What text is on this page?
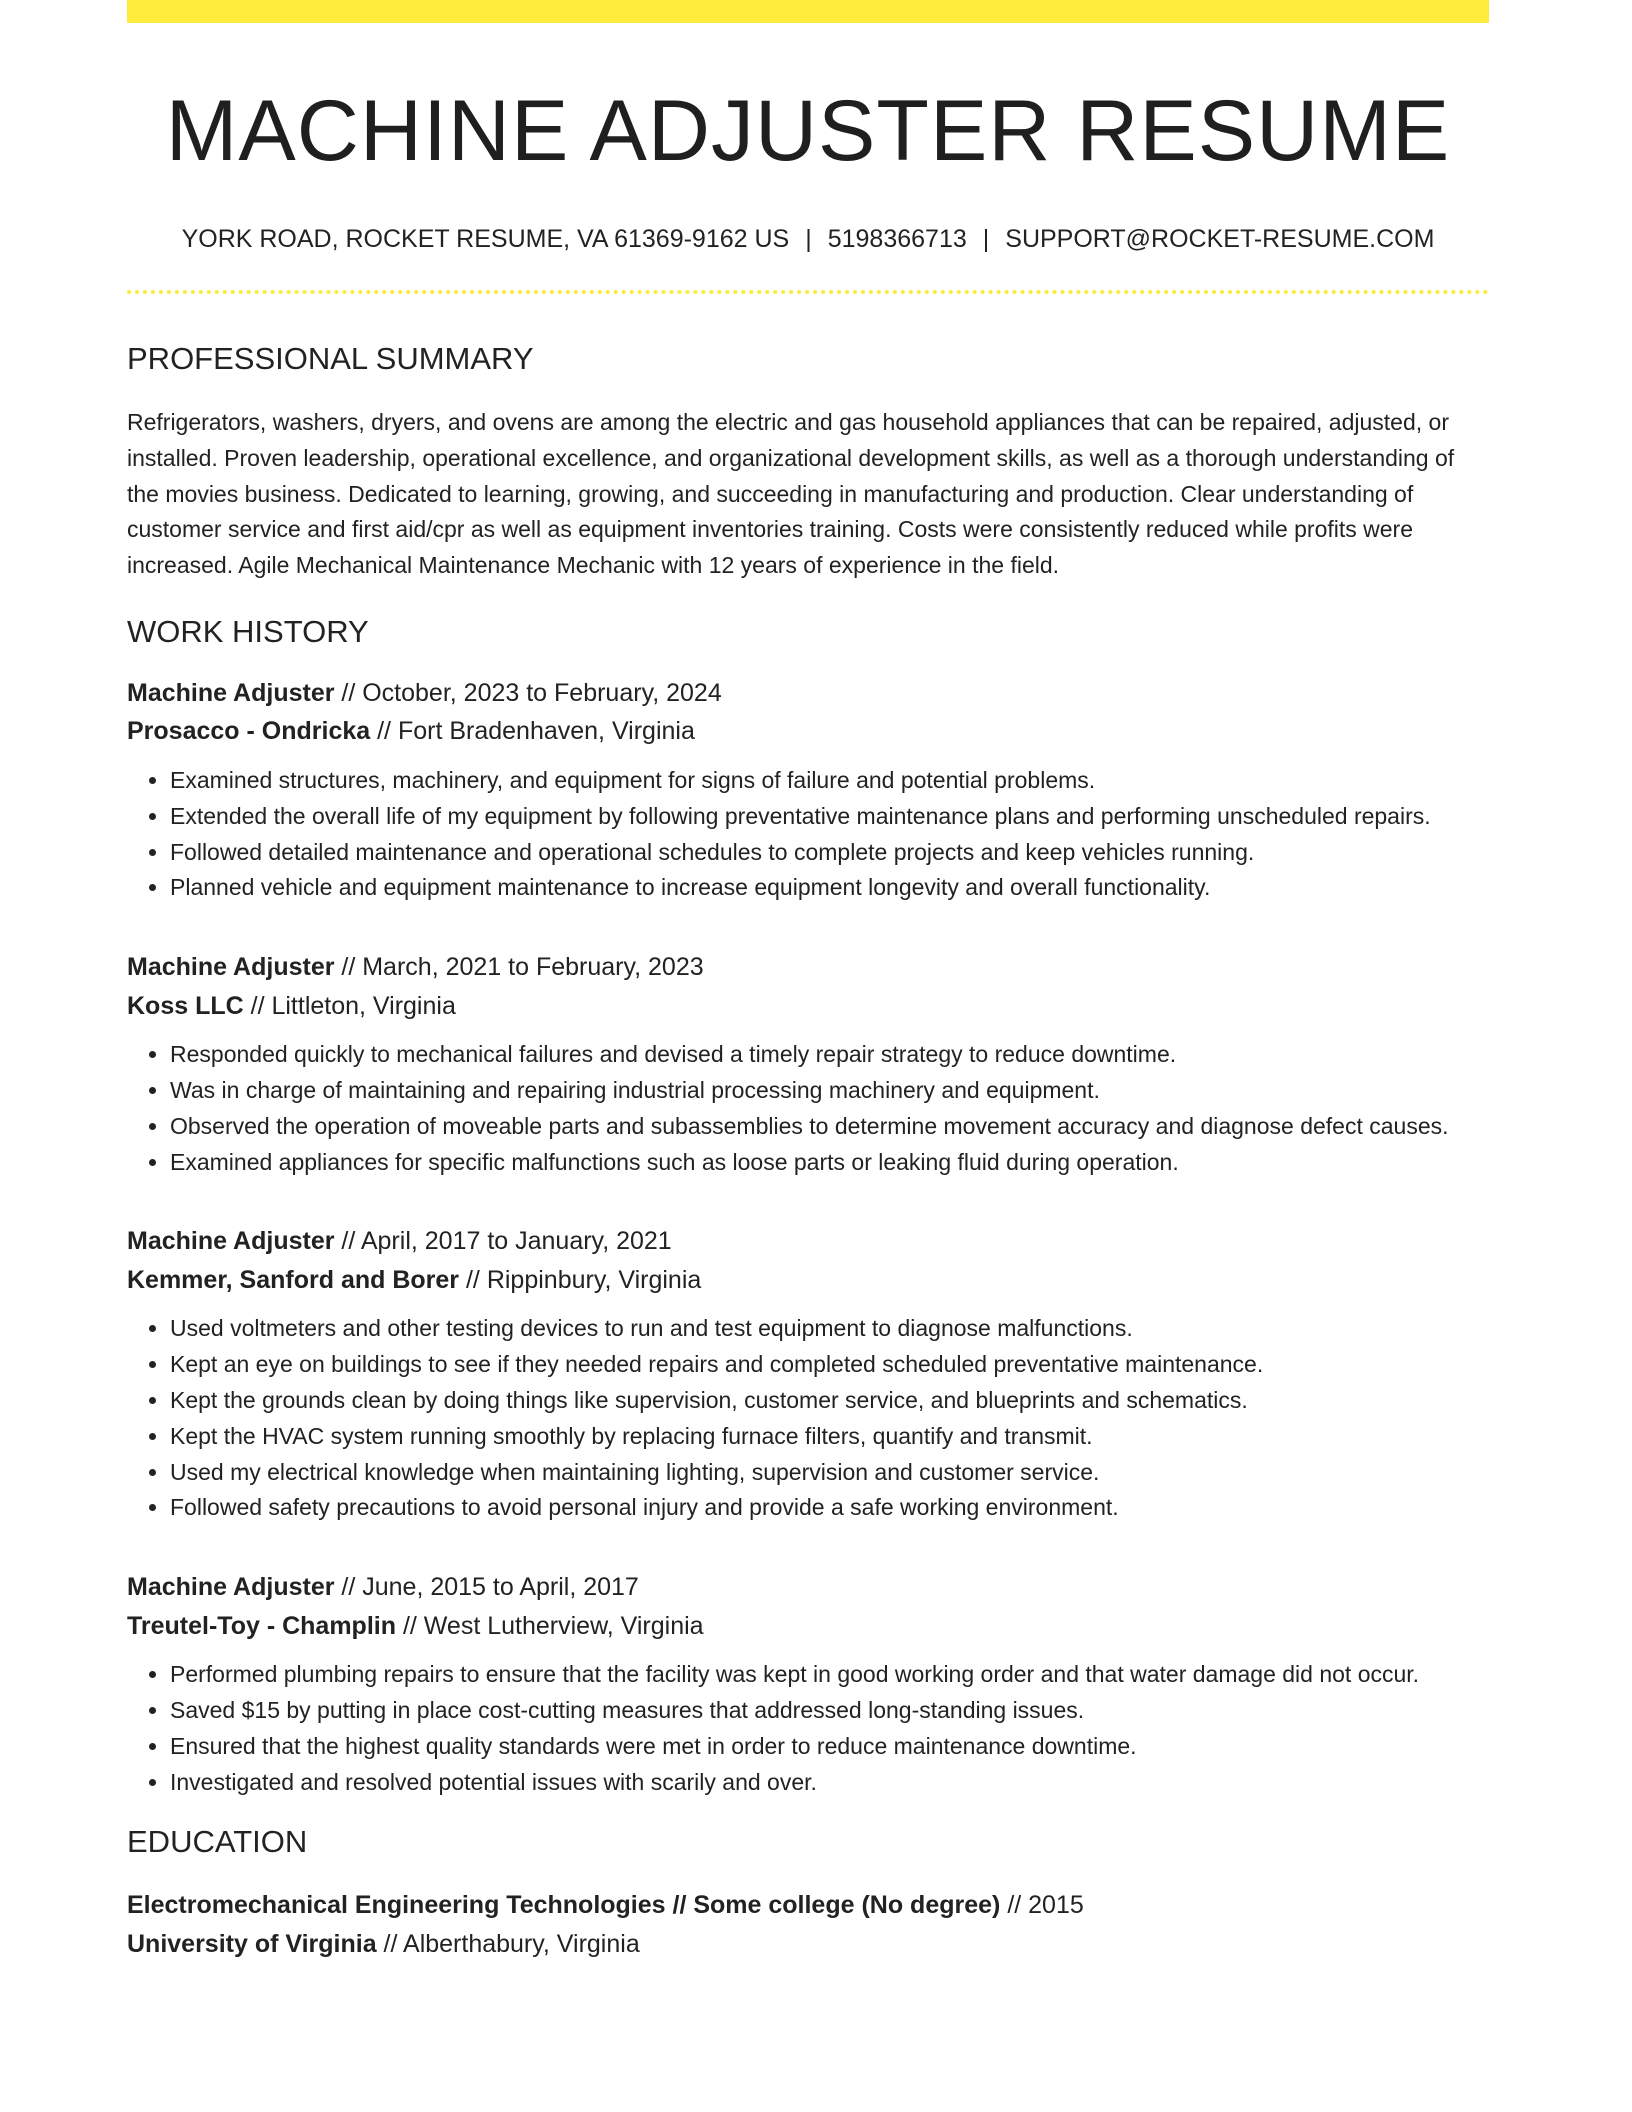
MACHINE ADJUSTER RESUME
YORK ROAD, ROCKET RESUME, VA 61369-9162 US | 5198366713 | SUPPORT@ROCKET-RESUME.COM
PROFESSIONAL SUMMARY

Refrigerators, washers, dryers, and ovens are among the electric and gas household appliances that can be repaired, adjusted, or installed. Proven leadership, operational excellence, and organizational development skills, as well as a thorough understanding of the movies business. Dedicated to learning, growing, and succeeding in manufacturing and production. Clear understanding of customer service and first aid/cpr as well as equipment inventories training. Costs were consistently reduced while profits were increased. Agile Mechanical Maintenance Mechanic with 12 years of experience in the field.

WORK HISTORY
Machine Adjuster // October, 2023 to February, 2024
Prosacco - Ondricka // Fort Bradenhaven, Virginia
• Examined structures, machinery, and equipment for signs of failure and potential problems.
• Extended the overall life of my equipment by following preventative maintenance plans and performing unscheduled repairs.
• Followed detailed maintenance and operational schedules to complete projects and keep vehicles running.
• Planned vehicle and equipment maintenance to increase equipment longevity and overall functionality.
Machine Adjuster // March, 2021 to February, 2023
Koss LLC // Littleton, Virginia
• Responded quickly to mechanical failures and devised a timely repair strategy to reduce downtime.
• Was in charge of maintaining and repairing industrial processing machinery and equipment.
• Observed the operation of moveable parts and subassemblies to determine movement accuracy and diagnose defect causes.
• Examined appliances for specific malfunctions such as loose parts or leaking fluid during operation.
Machine Adjuster // April, 2017 to January, 2021
Kemmer, Sanford and Borer // Rippinbury, Virginia
• Used voltmeters and other testing devices to run and test equipment to diagnose malfunctions.
• Kept an eye on buildings to see if they needed repairs and completed scheduled preventative maintenance.
• Kept the grounds clean by doing things like supervision, customer service, and blueprints and schematics.
• Kept the HVAC system running smoothly by replacing furnace filters, quantify and transmit.
• Used my electrical knowledge when maintaining lighting, supervision and customer service.
• Followed safety precautions to avoid personal injury and provide a safe working environment.
Machine Adjuster // June, 2015 to April, 2017
Treutel-Toy - Champlin // West Lutherview, Virginia
• Performed plumbing repairs to ensure that the facility was kept in good working order and that water damage did not occur.
• Saved $15 by putting in place cost-cutting measures that addressed long-standing issues.
• Ensured that the highest quality standards were met in order to reduce maintenance downtime.
• Investigated and resolved potential issues with scarily and over.
EDUCATION
Electromechanical Engineering Technologies // Some college (No degree) // 2015
University of Virginia // Alberthabury, Virginia
